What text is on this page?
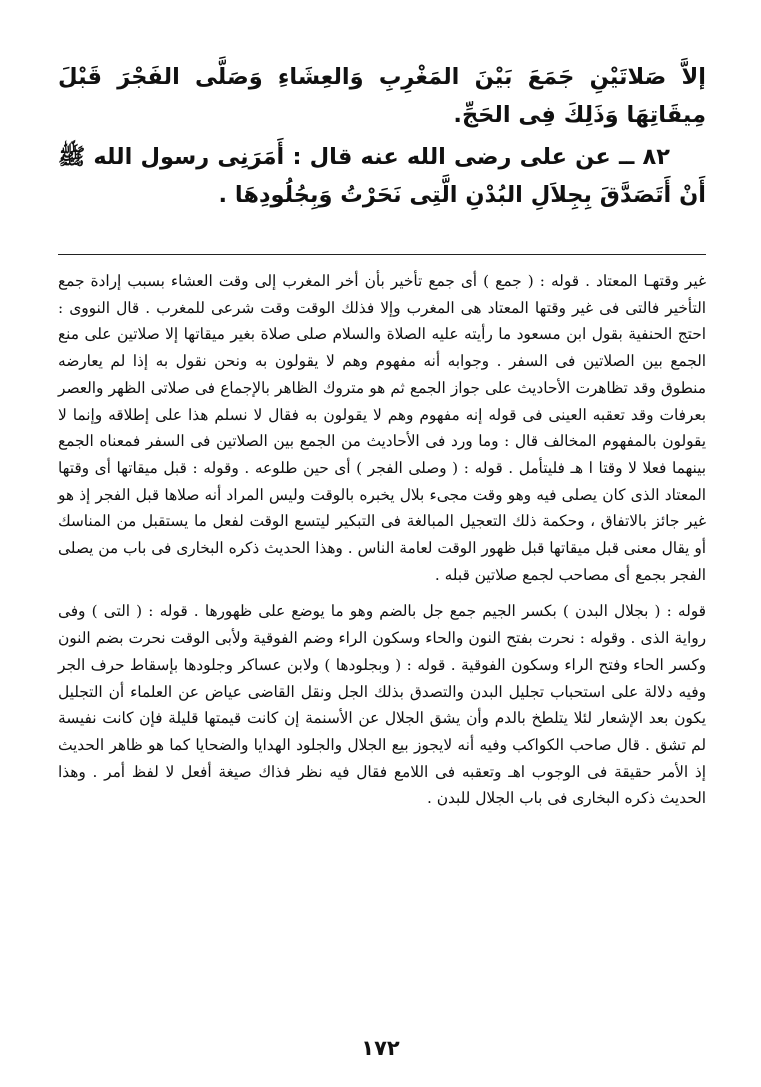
إلاَّ صَلاتَيْنِ جَمَعَ بَيْنَ المَغْرِبِ وَالعِشَاءِ وَصَلَّى الفَجْرَ قَبْلَ مِيقَاتِهَا وَذَلِكَ فِى الحَجِّ.

٨٢ ــ عن على رضى الله عنه قال : أَمَرَنِى رسول الله ﷺ أَنْ أَتَصَدَّقَ بِجِلاَلِ البُدْنِ الَّتِى نَحَرْتُ وَبِجُلُودِهَا .

غير وقتهـا المعتاد . قوله : ( جمع ) أى جمع تأخير بأن أخر المغرب إلى وقت العشاء بسبب إرادة جمع التأخير فالتى فى غير وقتها المعتاد هى المغرب وإلا فذلك الوقت وقت شرعى للمغرب . قال النووى : احتج الحنفية بقول ابن مسعود ما رأيته عليه الصلاة والسلام صلى صلاة بغير ميقاتها إلا صلاتين على منع الجمع بين الصلاتين فى السفر . وجوابه أنه مفهوم وهم لا يقولون به ونحن نقول به إذا لم يعارضه منطوق وقد تظاهرت الأحاديث على جواز الجمع ثم هو متروك الظاهر بالإجماع فى صلاتى الظهر والعصر بعرفات وقد تعقبه العينى فى قوله إنه مفهوم وهم لا يقولون به فقال لا نسلم هذا على إطلاقه وإنما لا يقولون بالمفهوم المخالف قال : وما ورد فى الأحاديث من الجمع بين الصلاتين فى السفر فمعناه الجمع بينهما فعلا لا وقتا ا هـ فليتأمل . قوله : ( وصلى الفجر ) أى حين طلوعه . وقوله : قبل ميقاتها أى وقتها المعتاد الذى كان يصلى فيه وهو وقت مجىء بلال يخبره بالوقت وليس المراد أنه صلاها قبل الفجر إذ هو غير جائز بالاتفاق ، وحكمة ذلك التعجيل المبالغة فى التبكير ليتسع الوقت لفعل ما يستقبل من المناسك أو يقال معنى قبل ميقاتها قبل ظهور الوقت لعامة الناس . وهذا الحديث ذكره البخارى فى باب من يصلى الفجر بجمع أى مصاحب لجمع صلاتين قبله .

قوله : ( بجلال البدن ) بكسر الجيم جمع جل بالضم وهو ما يوضع على ظهورها . قوله : ( التى ) وفى رواية الذى . وقوله : نحرت بفتح النون والحاء وسكون الراء وضم الفوقية ولأبى الوقت نحرت بضم النون وكسر الحاء وفتح الراء وسكون الفوقية . قوله : ( وبجلودها ) ولابن عساكر وجلودها بإسقاط حرف الجر وفيه دلالة على استحباب تجليل البدن والتصدق بذلك الجل ونقل القاضى عياض عن العلماء أن التجليل يكون بعد الإشعار لئلا يتلطخ بالدم وأن يشق الجلال عن الأسنمة إن كانت قيمتها قليلة فإن كانت نفيسة لم تشق . قال صاحب الكواكب وفيه أنه لايجوز بيع الجلال والجلود الهدايا والضحايا كما هو ظاهر الحديث إذ الأمر حقيقة فى الوجوب اهـ وتعقبه فى اللامع فقال فيه نظر فذاك صيغة أفعل لا لفظ أمر . وهذا الحديث ذكره البخارى فى باب الجلال للبدن .

١٧٢
